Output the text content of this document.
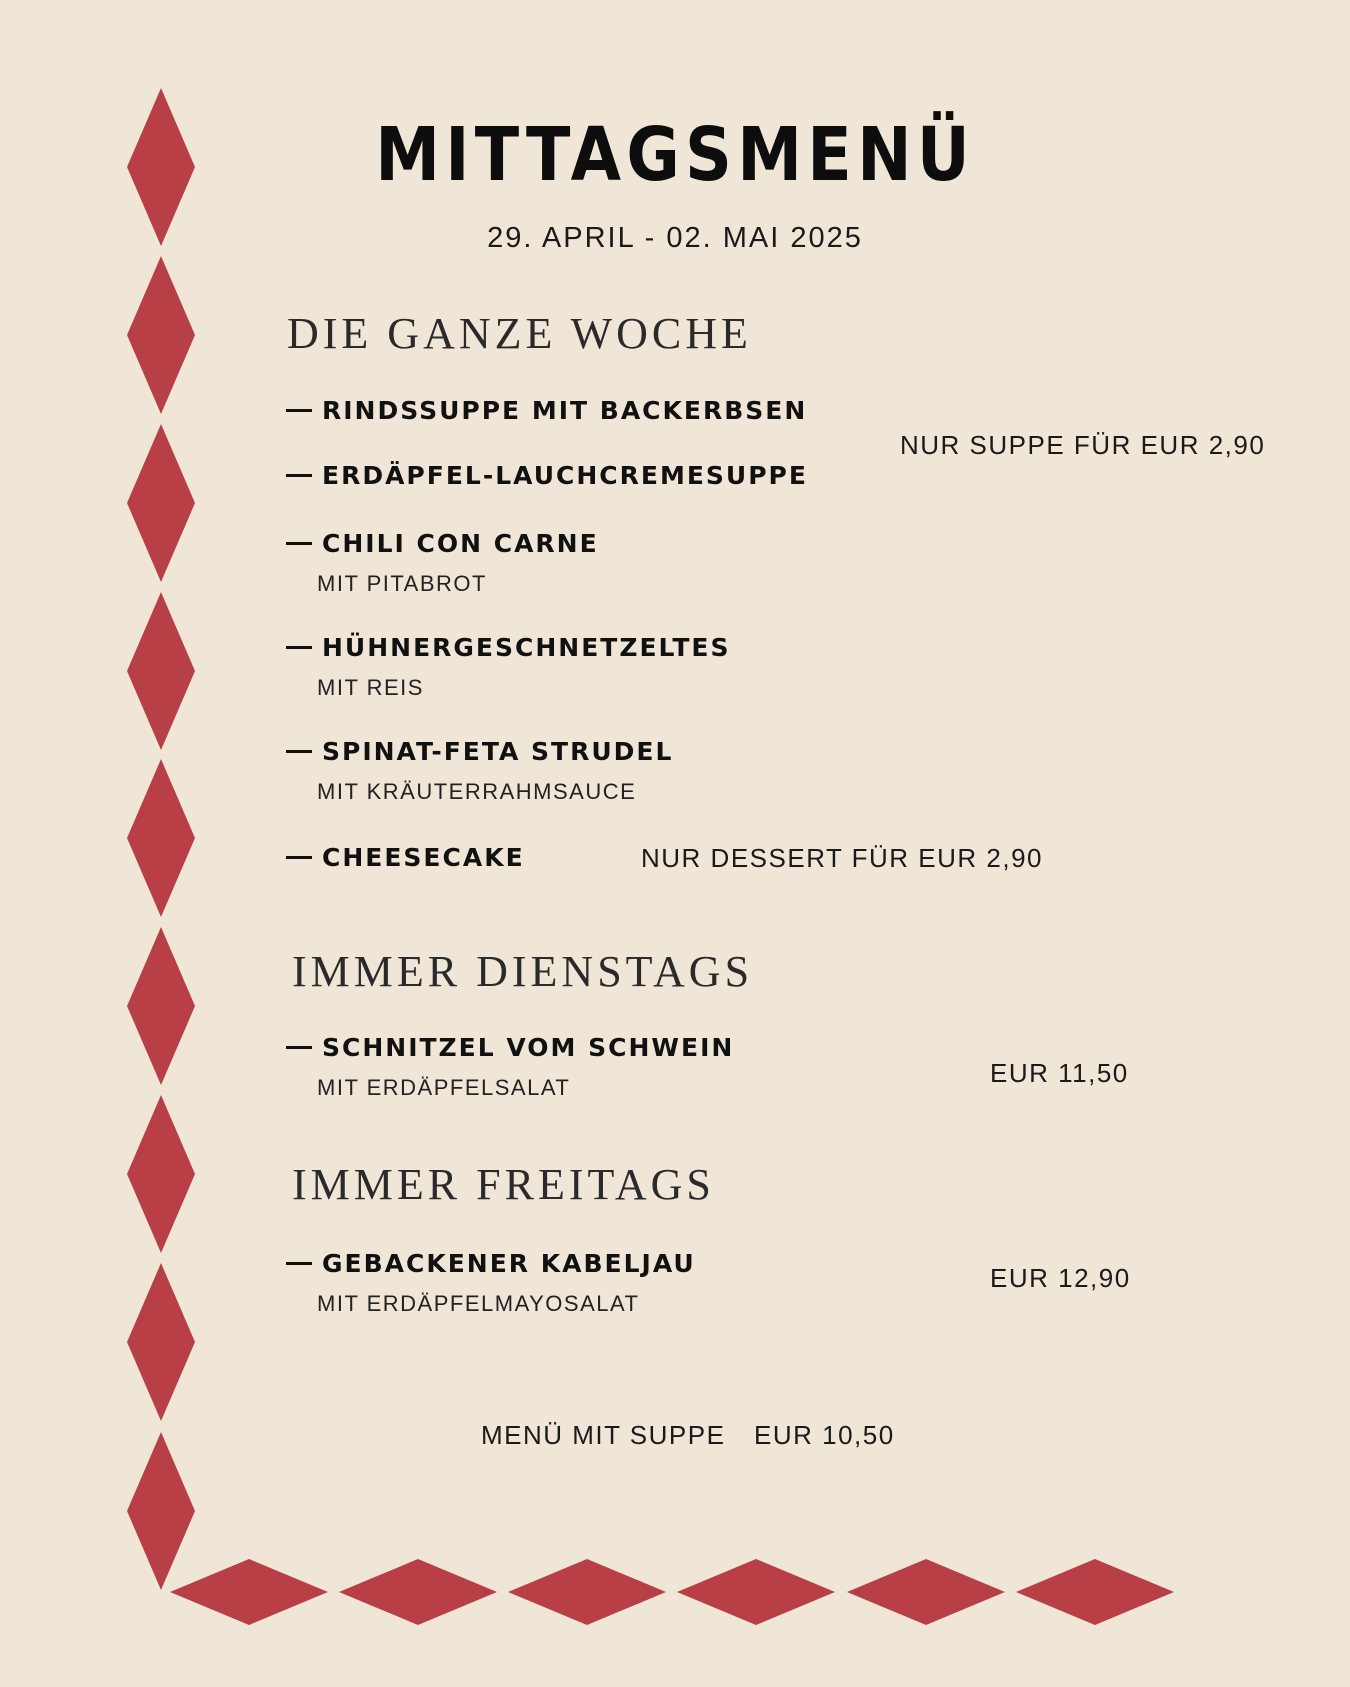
MITTAGSMENÜ
29. APRIL - 02. MAI 2025
DIE GANZE WOCHE
RINDSSUPPE MIT BACKERBSEN
ERDÄPFEL-LAUCHCREMESUPPE
NUR SUPPE FÜR EUR 2,90
CHILI CON CARNE
MIT PITABROT
HÜHNERGESCHNETZELTES
MIT REIS
SPINAT-FETA STRUDEL
MIT KRÄUTERRAHMSAUCE
CHEESECAKE	NUR DESSERT FÜR EUR 2,90
IMMER DIENSTAGS
SCHNITZEL VOM SCHWEIN
MIT ERDÄPFELSALAT	EUR 11,50
IMMER FREITAGS
GEBACKENER KABELJAU
MIT ERDÄPFELMAYOSALAT
EUR 12,90
MENÜ MIT SUPPE EUR 10,50
